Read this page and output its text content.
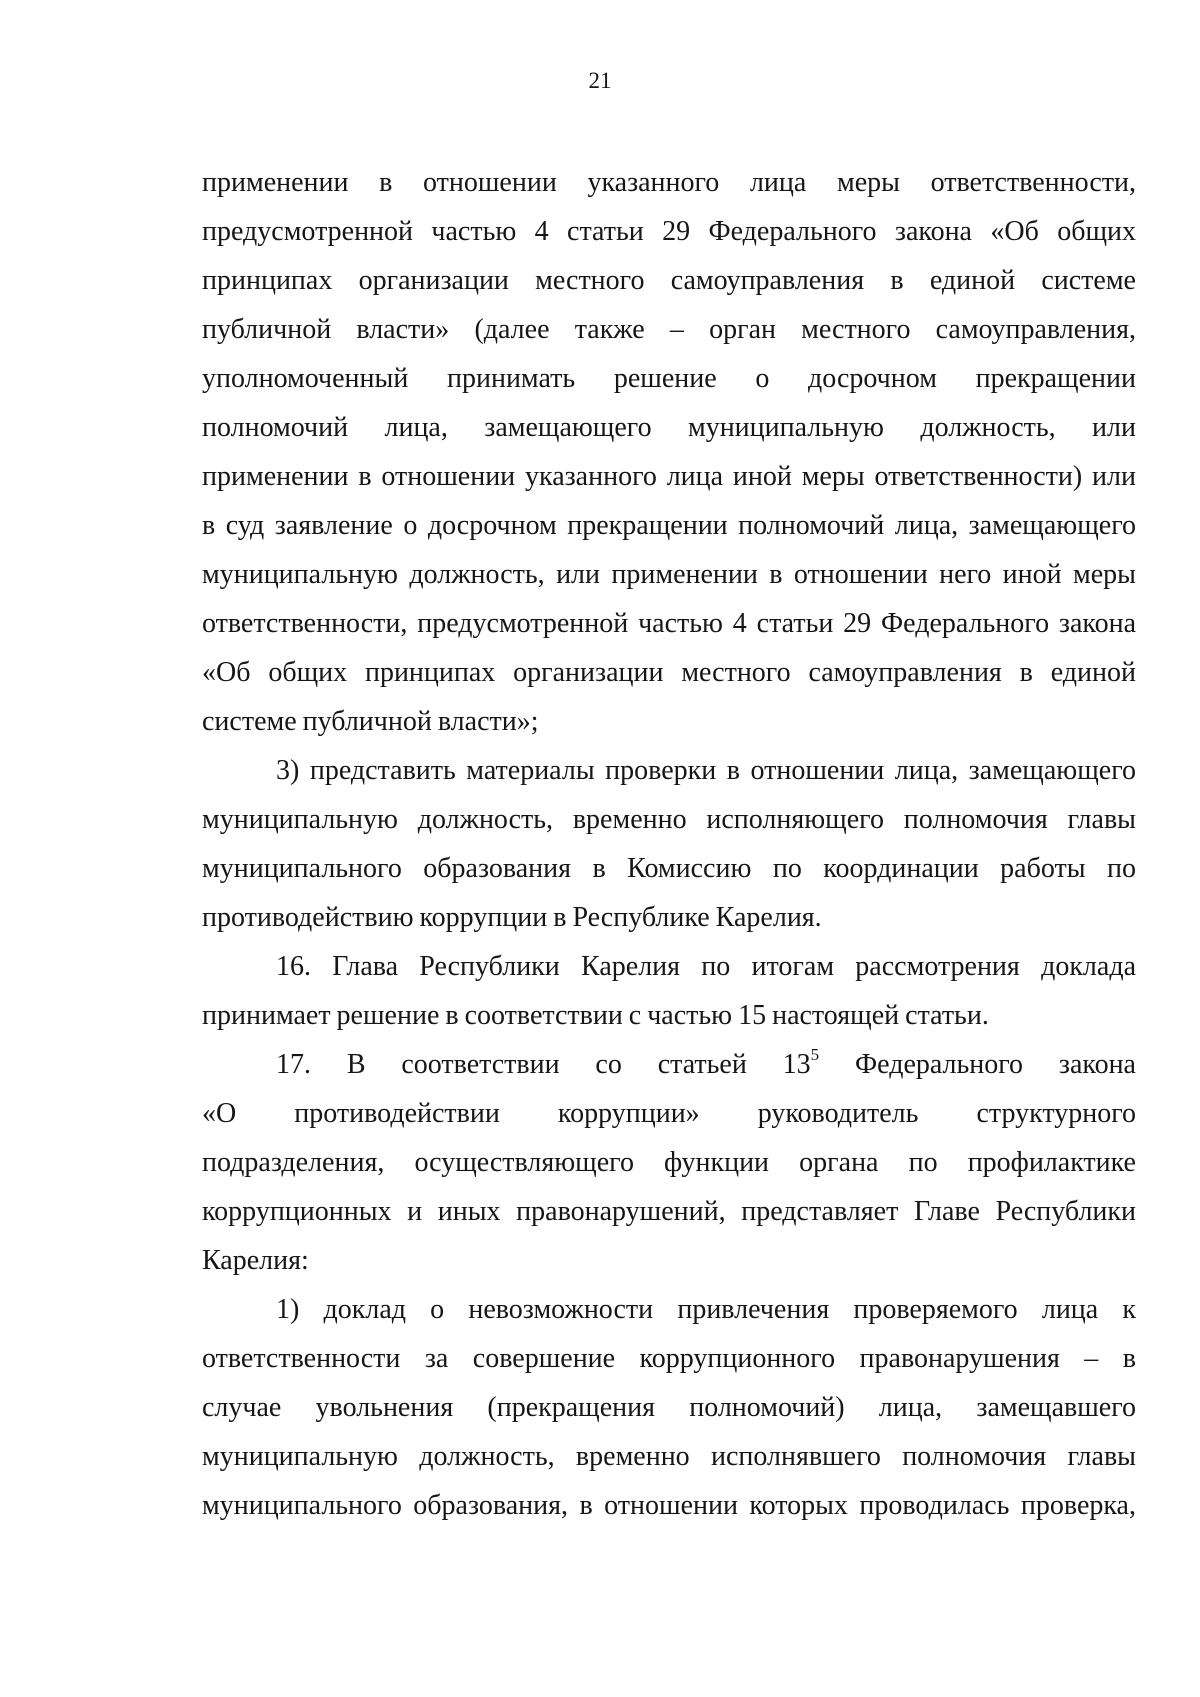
21

применении в отношении указанного лица меры ответственности,

предусмотренной частью 4 статьи 29 Федерального закона «Об общих

принципах организации местного самоуправления в единой системе

публичной власти» (далее также – орган местного самоуправления,

уполномоченный принимать решение о досрочном прекращении

полномочий лица, замещающего муниципальную должность, или

применении в отношении указанного лица иной меры ответственности) или

в суд заявление о досрочном прекращении полномочий лица, замещающего

муниципальную должность, или применении в отношении него иной меры

ответственности, предусмотренной частью 4 статьи 29 Федерального закона

«Об общих принципах организации местного самоуправления в единой

системе публичной власти»;

3) представить материалы проверки в отношении лица, замещающего

муниципальную должность, временно исполняющего полномочия главы

муниципального образования в Комиссию по координации работы по

противодействию коррупции в Республике Карелия.

16. Глава Республики Карелия по итогам рассмотрения доклада

принимает решение в соответствии с частью 15 настоящей статьи.

17. В соответствии со статьей $13^5$ Федерального закона

«О противодействии коррупции» руководитель структурного

подразделения, осуществляющего функции органа по профилактике

коррупционных и иных правонарушений, представляет Главе Республики

Карелия:

1) доклад о невозможности привлечения проверяемого лица к

ответственности за совершение коррупционного правонарушения – в

случае увольнения (прекращения полномочий) лица, замещавшего

муниципальную должность, временно исполнявшего полномочия главы

муниципального образования, в отношении которых проводилась проверка,
